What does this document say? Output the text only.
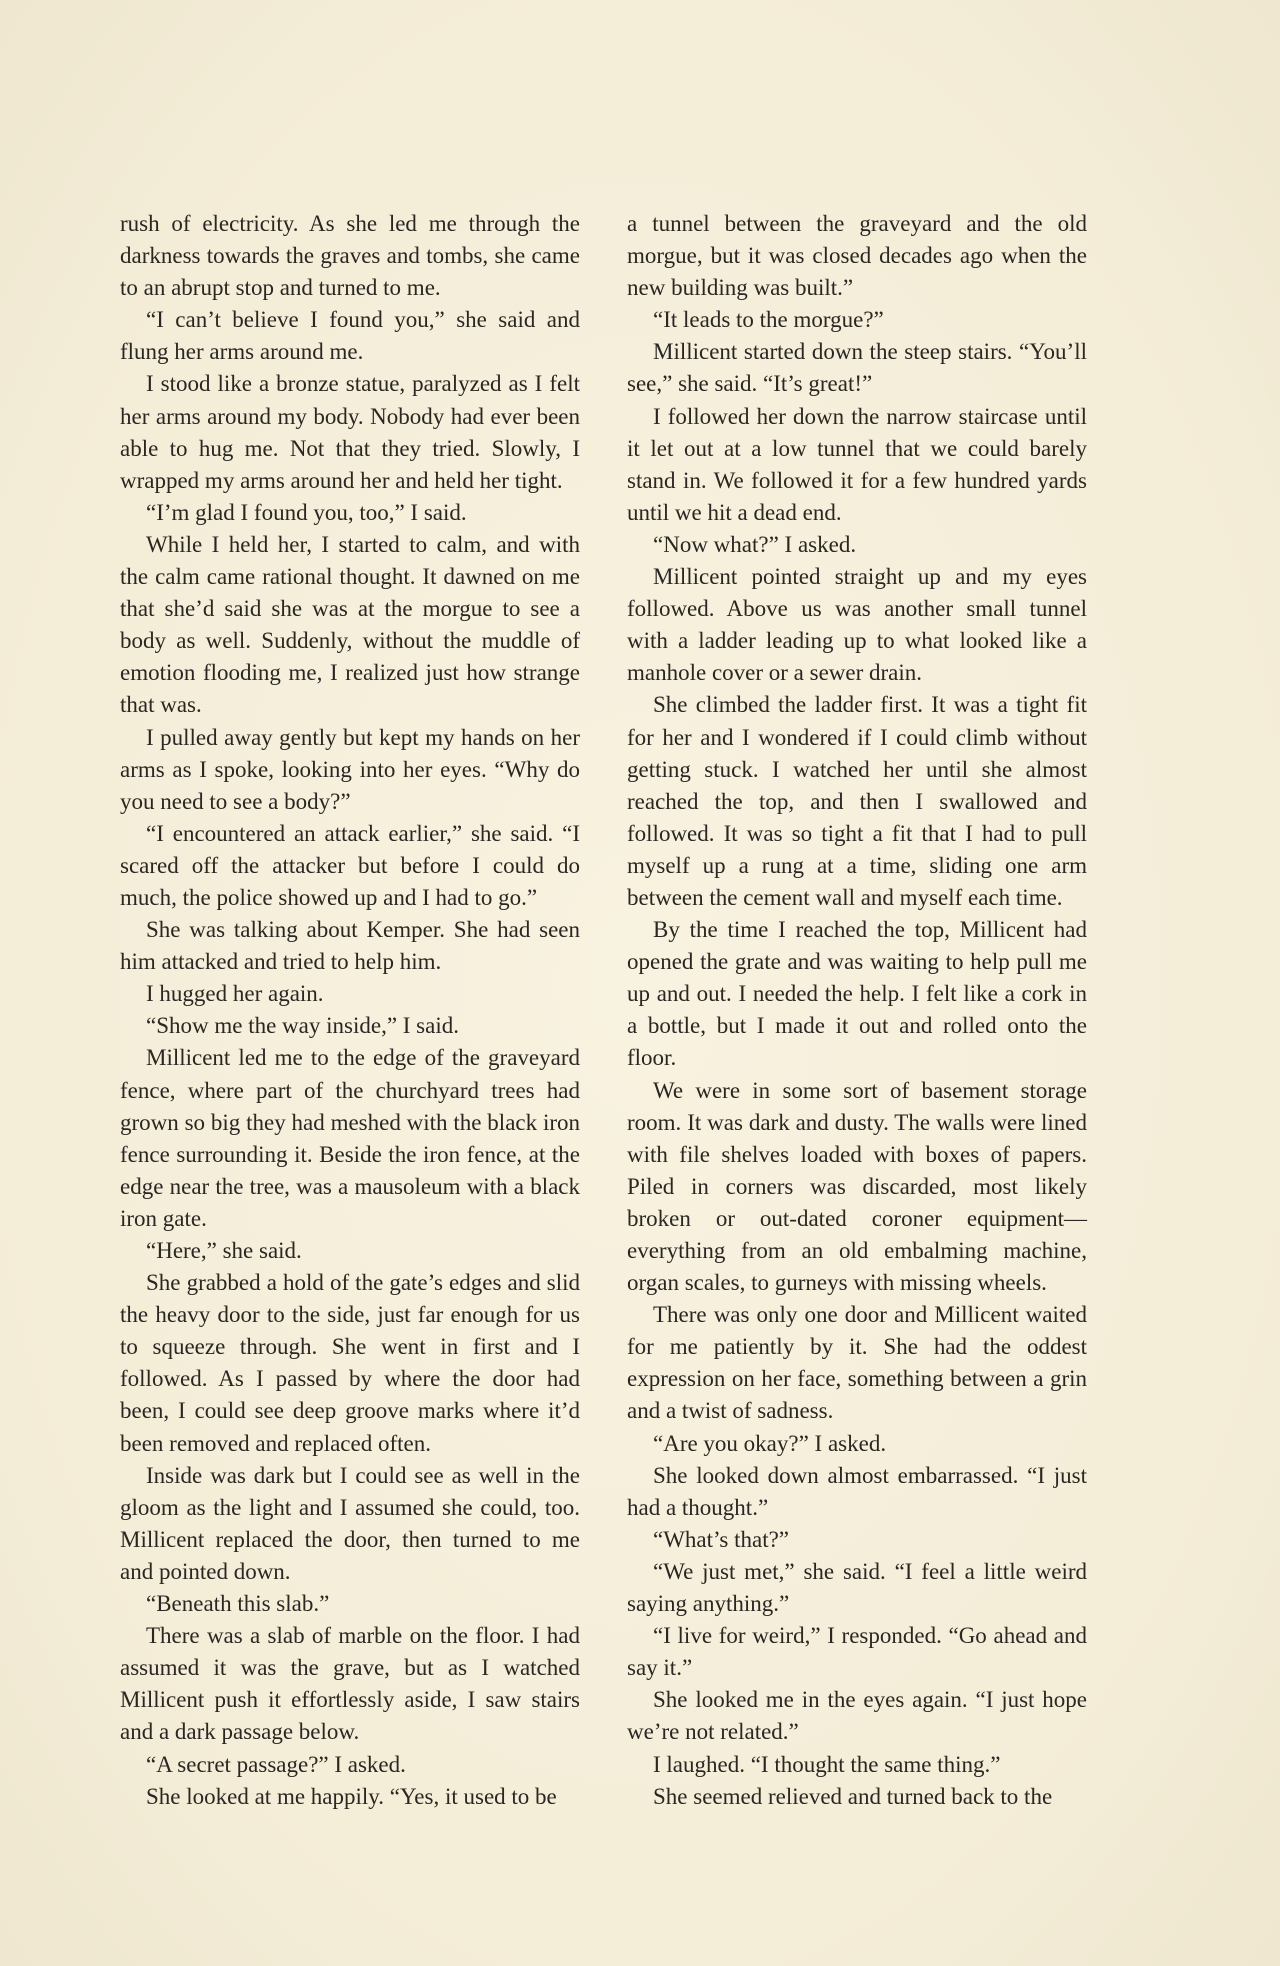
rush of electricity. As she led me through the darkness towards the graves and tombs, she came to an abrupt stop and turned to me.

“I can’t believe I found you,” she said and flung her arms around me.

I stood like a bronze statue, paralyzed as I felt her arms around my body. Nobody had ever been able to hug me. Not that they tried. Slowly, I wrapped my arms around her and held her tight.

“I’m glad I found you, too,” I said.

While I held her, I started to calm, and with the calm came rational thought. It dawned on me that she’d said she was at the morgue to see a body as well. Suddenly, without the muddle of emotion flooding me, I realized just how strange that was.

I pulled away gently but kept my hands on her arms as I spoke, looking into her eyes. “Why do you need to see a body?”

“I encountered an attack earlier,” she said. “I scared off the attacker but before I could do much, the police showed up and I had to go.”

She was talking about Kemper. She had seen him attacked and tried to help him.

I hugged her again.

“Show me the way inside,” I said.

Millicent led me to the edge of the graveyard fence, where part of the churchyard trees had grown so big they had meshed with the black iron fence surrounding it. Beside the iron fence, at the edge near the tree, was a mausoleum with a black iron gate.

“Here,” she said.

She grabbed a hold of the gate’s edges and slid the heavy door to the side, just far enough for us to squeeze through. She went in first and I followed. As I passed by where the door had been, I could see deep groove marks where it’d been removed and replaced often.

Inside was dark but I could see as well in the gloom as the light and I assumed she could, too. Millicent replaced the door, then turned to me and pointed down.

“Beneath this slab.”

There was a slab of marble on the floor. I had assumed it was the grave, but as I watched Millicent push it effortlessly aside, I saw stairs and a dark passage below.

“A secret passage?” I asked.

She looked at me happily. “Yes, it used to be

a tunnel between the graveyard and the old morgue, but it was closed decades ago when the new building was built.”

“It leads to the morgue?”

Millicent started down the steep stairs. “You’ll see,” she said. “It’s great!”

I followed her down the narrow staircase until it let out at a low tunnel that we could barely stand in. We followed it for a few hundred yards until we hit a dead end.

“Now what?” I asked.

Millicent pointed straight up and my eyes followed. Above us was another small tunnel with a ladder leading up to what looked like a manhole cover or a sewer drain.

She climbed the ladder first. It was a tight fit for her and I wondered if I could climb without getting stuck. I watched her until she almost reached the top, and then I swallowed and followed. It was so tight a fit that I had to pull myself up a rung at a time, sliding one arm between the cement wall and myself each time.

By the time I reached the top, Millicent had opened the grate and was waiting to help pull me up and out. I needed the help. I felt like a cork in a bottle, but I made it out and rolled onto the floor.

We were in some sort of basement storage room. It was dark and dusty. The walls were lined with file shelves loaded with boxes of papers. Piled in corners was discarded, most likely broken or out-dated coroner equipment—everything from an old embalming machine, organ scales, to gurneys with missing wheels.

There was only one door and Millicent waited for me patiently by it. She had the oddest expression on her face, something between a grin and a twist of sadness.

“Are you okay?” I asked.

She looked down almost embarrassed. “I just had a thought.”

“What’s that?”

“We just met,” she said. “I feel a little weird saying anything.”

“I live for weird,” I responded. “Go ahead and say it.”

She looked me in the eyes again. “I just hope we’re not related.”

I laughed. “I thought the same thing.”

She seemed relieved and turned back to the
